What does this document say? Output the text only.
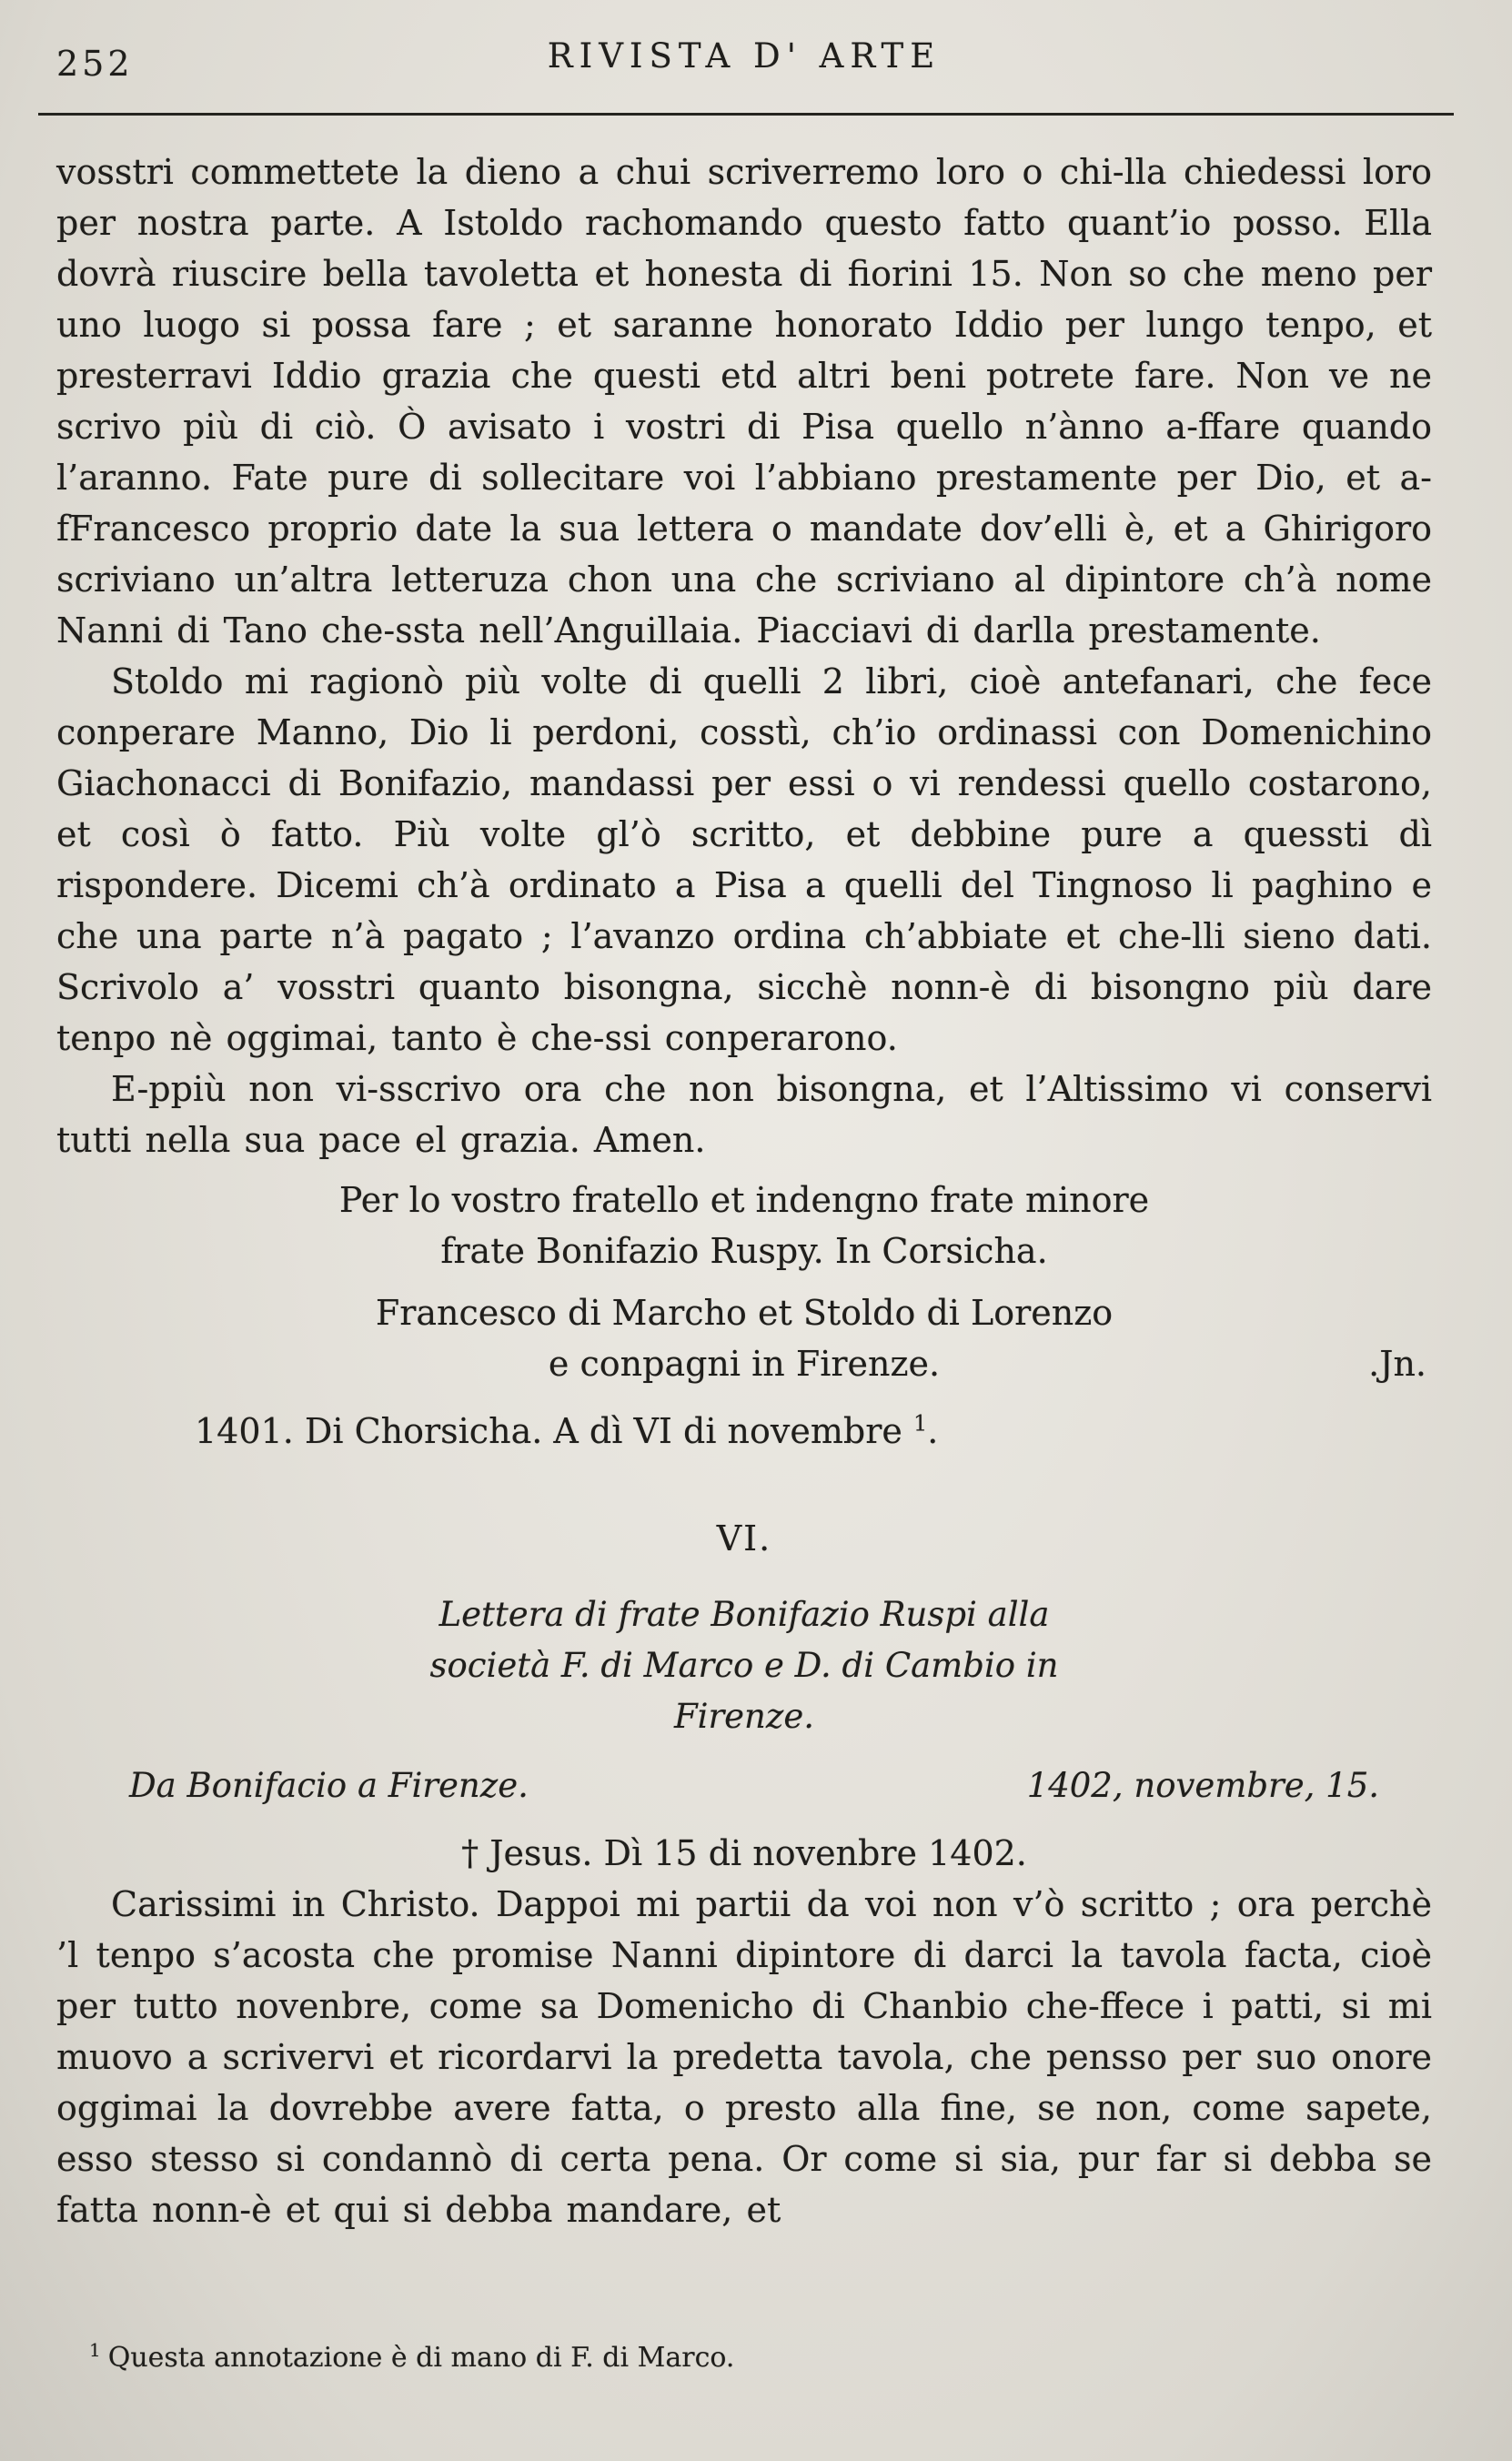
252	RIVISTA D' ARTE

vosstri commettete la dieno a chui scriverremo loro o chi-lla chiedessi loro per nostra parte. A Istoldo rachomando questo fatto quant’io posso. Ella dovrà riuscire bella tavoletta et honesta di fiorini 15. Non so che meno per uno luogo si possa fare ; et saranne honorato Iddio per lungo tenpo, et presterravi Iddio grazia che questi etd altri beni potrete fare. Non ve ne scrivo più di ciò. Ò avisato i vostri di Pisa quello n’ànno a-ffare quando l’aranno. Fate pure di sollecitare voi l’abbiano prestamente per Dio, et a-fFrancesco proprio date la sua lettera o mandate dov’elli è, et a Ghirigoro scriviano un’altra letteruza chon una che scriviano al dipintore ch’à nome Nanni di Tano che-ssta nell’Anguillaia. Piacciavi di darlla prestamente.

Stoldo mi ragionò più volte di quelli 2 libri, cioè antefanari, che fece conperare Manno, Dio li perdoni, cosstì, ch’io ordinassi con Domenichino Giachonacci di Bonifazio, mandassi per essi o vi rendessi quello costarono, et così ò fatto. Più volte gl’ò scritto, et debbine pure a quessti dì rispondere. Dicemi ch’à ordinato a Pisa a quelli del Tingnoso li paghino e che una parte n’à pagato ; l’avanzo ordina ch’abbiate et che-lli sieno dati. Scrivolo a’ vosstri quanto bisongna, sicchè nonn-è di bisongno più dare tenpo nè oggimai, tanto è che-ssi conperarono.

E-ppiù non vi-sscrivo ora che non bisongna, et l’Altissimo vi conservi tutti nella sua pace el grazia. Amen.

Per lo vostro fratello et indengno frate minore
frate Bonifazio Ruspy. In Corsicha.
Francesco di Marcho et Stoldo di Lorenzo
e conpagni in Firenze.	.Jn.
1401. Di Chorsicha. A dì VI di novembre $^1$.
VI.
Lettera di frate Bonifazio Ruspi alla
società F. di Marco e D. di Cambio in
Firenze.
Da Bonifacio a Firenze.	1402, novembre, 15.
† Jesus. Dì 15 di novenbre 1402.

Carissimi in Christo. Dappoi mi partii da voi non v’ò scritto ; ora perchè ’l tenpo s’acosta che promise Nanni dipintore di darci la tavola facta, cioè per tutto novenbre, come sa Domenicho di Chanbio che-ffece i patti, si mi muovo a scrivervi et ricordarvi la predetta tavola, che pensso per suo onore oggimai la dovrebbe avere fatta, o presto alla fine, se non, come sapete, esso stesso si condannò di certa pena. Or come si sia, pur far si debba se fatta nonn-è et qui si debba mandare, et

$^1$ Questa annotazione è di mano di F. di Marco.
